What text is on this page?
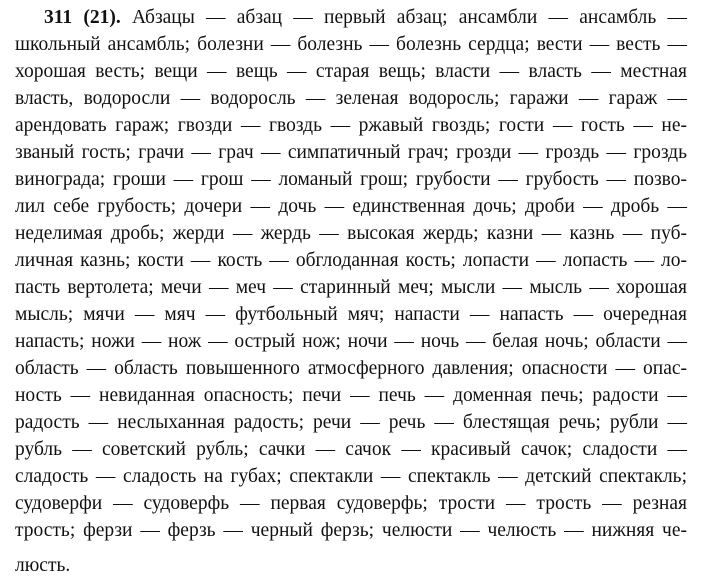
311 (21). Абзацы — абзац — первый абзац; ансамбли — ансамбль —
школьный ансамбль; болезни — болезнь — болезнь сердца; вести — весть —
хорошая весть; вещи — вещь — старая вещь; власти — власть — местная
власть, водоросли — водоросль — зеленая водоросль; гаражи — гараж —
арендовать гараж; гвозди — гвоздь — ржавый гвоздь; гости — гость — не-
званый гость; грачи — грач — симпатичный грач; грозди — гроздь — гроздь
винограда; гроши — грош — ломаный грош; грубости — грубость — позво-
лил себе грубость; дочери — дочь — единственная дочь; дроби — дробь —
неделимая дробь; жерди — жердь — высокая жердь; казни — казнь — пуб-
личная казнь; кости — кость — обглоданная кость; лопасти — лопасть — ло-
пасть вертолета; мечи — меч — старинный меч; мысли — мысль — хорошая
мысль; мячи — мяч — футбольный мяч; напасти — напасть — очередная
напасть; ножи — нож — острый нож; ночи — ночь — белая ночь; области —
область — область повышенного атмосферного давления; опасности — опас-
ность — невиданная опасность; печи — печь — доменная печь; радости —
радость — неслыханная радость; речи — речь — блестящая речь; рубли —
рубль — советский рубль; сачки — сачок — красивый сачок; сладости —
сладость — сладость на губах; спектакли — спектакль — детский спектакль;
судоверфи — судоверфь — первая судоверфь; трости — трость — резная
трость; ферзи — ферзь — черный ферзь; челюсти — челюсть — нижняя че-
люсть.
